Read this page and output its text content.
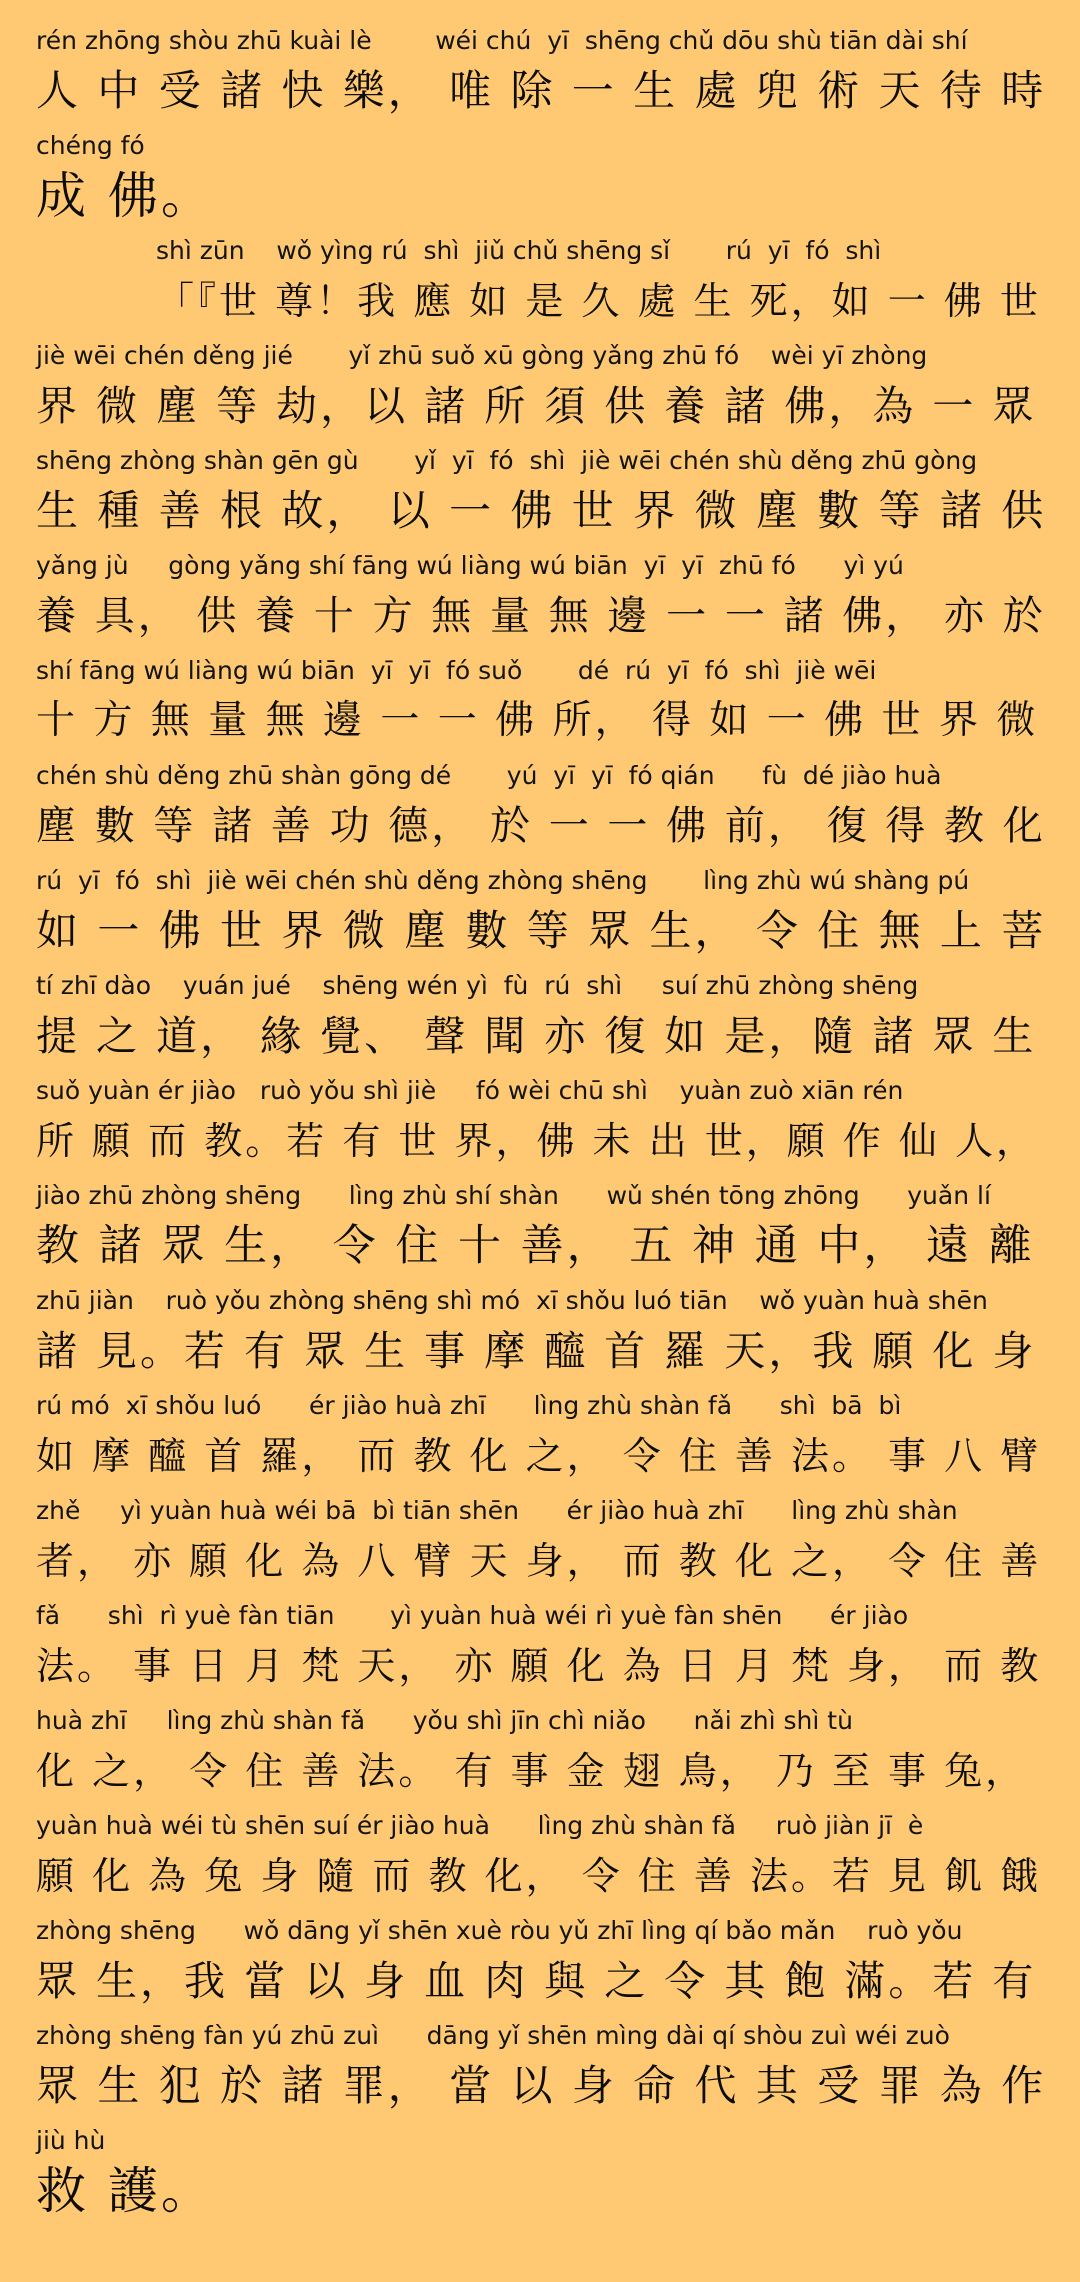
rén zhōng shòu zhū kuài lè        wéi chú  yī  shēng chǔ dōu shù tiān dài shí
人 中 受 諸 快 樂， 唯 除 一 生 處 兜 術 天 待 時
chéng fó
成 佛。
shì zūn    wǒ yìng rú  shì  jiǔ chǔ shēng sǐ       rú  yī  fó  shì
「『世 尊！我 應 如 是 久 處 生 死，如 一 佛 世
jiè wēi chén děng jié       yǐ zhū suǒ xū gòng yǎng zhū fó    wèi yī zhòng
界 微 塵 等 劫，以 諸 所 須 供 養 諸 佛，為 一 眾
shēng zhòng shàn gēn gù       yǐ  yī  fó  shì  jiè wēi chén shù děng zhū gòng
生 種 善 根 故， 以 一 佛 世 界 微 塵 數 等 諸 供
yǎng jù     gòng yǎng shí fāng wú liàng wú biān  yī  yī  zhū fó      yì yú
養 具， 供 養 十 方 無 量 無 邊 一 一 諸 佛， 亦 於
shí fāng wú liàng wú biān  yī  yī  fó suǒ       dé  rú  yī  fó  shì  jiè wēi
十 方 無 量 無 邊 一 一 佛 所， 得 如 一 佛 世 界 微
chén shù děng zhū shàn gōng dé       yú  yī  yī  fó qián      fù  dé jiào huà
塵 數 等 諸 善 功 德， 於 一 一 佛 前， 復 得 教 化
rú  yī  fó  shì  jiè wēi chén shù děng zhòng shēng       lìng zhù wú shàng pú
如 一 佛 世 界 微 塵 數 等 眾 生， 令 住 無 上 菩
tí zhī dào    yuán jué    shēng wén yì  fù  rú  shì     suí zhū zhòng shēng
提 之 道， 緣 覺、 聲 聞 亦 復 如 是，隨 諸 眾 生
suǒ yuàn ér jiào   ruò yǒu shì jiè     fó wèi chū shì    yuàn zuò xiān rén
所 願 而 教。若 有 世 界，佛 未 出 世，願 作 仙 人，
jiào zhū zhòng shēng      lìng zhù shí shàn      wǔ shén tōng zhōng      yuǎn lí
教 諸 眾 生， 令 住 十 善， 五 神 通 中， 遠 離
zhū jiàn    ruò yǒu zhòng shēng shì mó  xī shǒu luó tiān    wǒ yuàn huà shēn
諸 見。若 有 眾 生 事 摩 醯 首 羅 天，我 願 化 身
rú mó  xī shǒu luó      ér jiào huà zhī      lìng zhù shàn fǎ      shì  bā  bì
如 摩 醯 首 羅， 而 教 化 之， 令 住 善 法。 事 八 臂
zhě     yì yuàn huà wéi bā  bì tiān shēn      ér jiào huà zhī      lìng zhù shàn
者， 亦 願 化 為 八 臂 天 身， 而 教 化 之， 令 住 善
fǎ      shì  rì yuè fàn tiān       yì yuàn huà wéi rì yuè fàn shēn      ér jiào
法。 事 日 月 梵 天， 亦 願 化 為 日 月 梵 身， 而 教
huà zhī     lìng zhù shàn fǎ      yǒu shì jīn chì niǎo      nǎi zhì shì tù
化 之， 令 住 善 法。 有 事 金 翅 鳥， 乃 至 事 兔，
yuàn huà wéi tù shēn suí ér jiào huà      lìng zhù shàn fǎ     ruò jiàn jī  è
願 化 為 兔 身 隨 而 教 化， 令 住 善 法。若 見 飢 餓
zhòng shēng      wǒ dāng yǐ shēn xuè ròu yǔ zhī lìng qí bǎo mǎn    ruò yǒu
眾 生，我 當 以 身 血 肉 與 之 令 其 飽 滿。若 有
zhòng shēng fàn yú zhū zuì      dāng yǐ shēn mìng dài qí shòu zuì wéi zuò
眾 生 犯 於 諸 罪， 當 以 身 命 代 其 受 罪 為 作
jiù hù
救 護。
